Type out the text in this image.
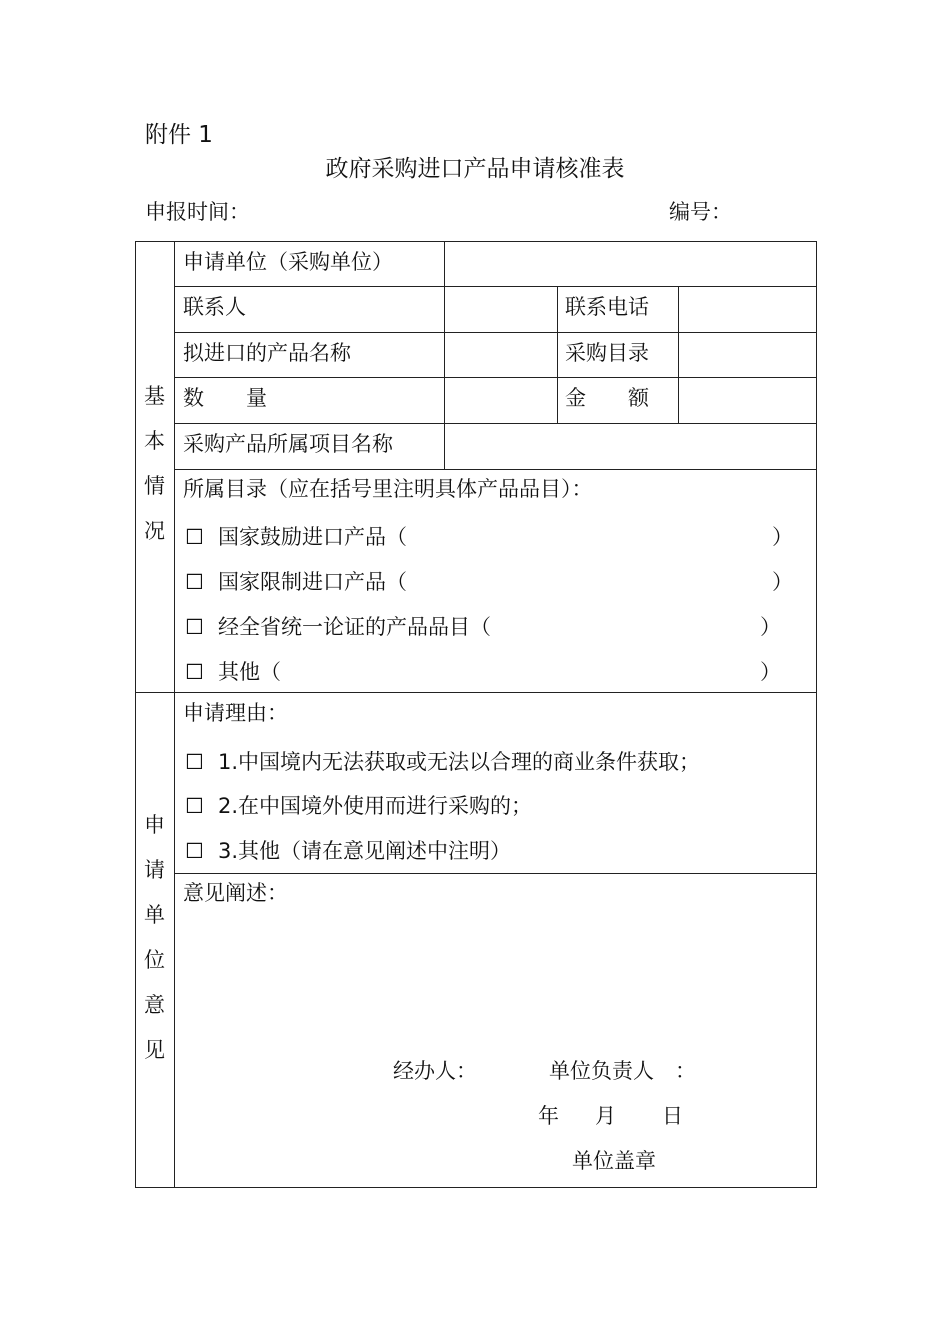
附件 1
政府采购进口产品申请核准表
申报时间：	编号：
基
本
情
况
申请单位（采购单位）
联系人	联系电话
拟进口的产品名称	采购目录
数　　量	金　　额
采购产品所属项目名称
所属目录（应在括号里注明具体产品品目）：
☐ 国家鼓励进口产品（	）
☐ 国家限制进口产品（	）
☐ 经全省统一论证的产品品目（	）
☐ 其他（	）
申
请
单
位
意
见
申请理由：
☐ 1.中国境内无法获取或无法以合理的商业条件获取；
☐ 2.在中国境外使用而进行采购的；
☐ 3.其他（请在意见阐述中注明）
意见阐述：
经办人：	单位负责人　：
年 月 日
单位盖章
